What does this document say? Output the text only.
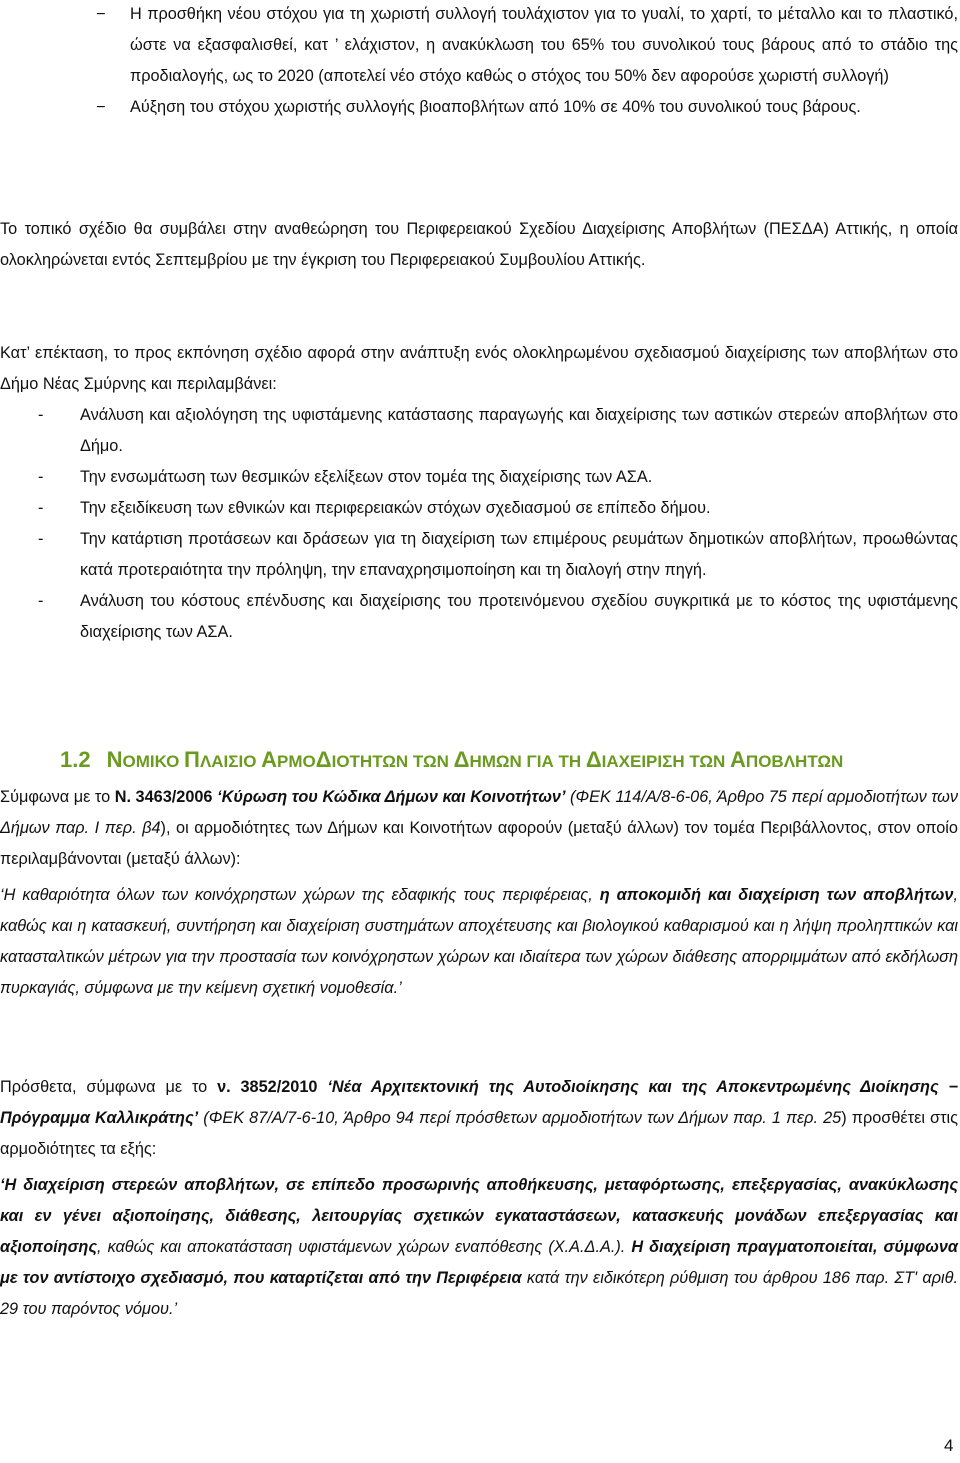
− Η προσθήκη νέου στόχου για τη χωριστή συλλογή τουλάχιστον για το γυαλί, το χαρτί, το μέταλλο και το πλαστικό, ώστε να εξασφαλισθεί, κατ ’ ελάχιστον, η ανακύκλωση του 65% του συνολικού τους βάρους από το στάδιο της προδιαλογής, ως το 2020 (αποτελεί νέο στόχο καθώς ο στόχος του 50% δεν αφορούσε χωριστή συλλογή)

− Αύξηση του στόχου χωριστής συλλογής βιοαποβλήτων από 10% σε 40% του συνολικού τους βάρους.

Το τοπικό σχέδιο θα συμβάλει στην αναθεώρηση του Περιφερειακού Σχεδίου Διαχείρισης Αποβλήτων (ΠΕΣΔΑ) Αττικής, η οποία ολοκληρώνεται εντός Σεπτεμβρίου με την έγκριση του Περιφερειακού Συμβουλίου Αττικής.

Κατ’ επέκταση, το προς εκπόνηση σχέδιο αφορά στην ανάπτυξη ενός ολοκληρωμένου σχεδιασμού διαχείρισης των αποβλήτων στο Δήμο Νέας Σμύρνης και περιλαμβάνει:

- Ανάλυση και αξιολόγηση της υφιστάμενης κατάστασης παραγωγής και διαχείρισης των αστικών στερεών αποβλήτων στο Δήμο.

- Την ενσωμάτωση των θεσμικών εξελίξεων στον τομέα της διαχείρισης των ΑΣΑ.

- Την εξειδίκευση των εθνικών και περιφερειακών στόχων σχεδιασμού σε επίπεδο δήμου.

- Την κατάρτιση προτάσεων και δράσεων για τη διαχείριση των επιμέρους ρευμάτων δημοτικών αποβλήτων, προωθώντας κατά προτεραιότητα την πρόληψη, την επαναχρησιμοποίηση και τη διαλογή στην πηγή.

- Ανάλυση του κόστους επένδυσης και διαχείρισης του προτεινόμενου σχεδίου συγκριτικά με το κόστος της υφιστάμενης διαχείρισης των ΑΣΑ.

1.2 ΝΟΜΙΚΟ ΠΛΑΙΣΙΟ ΑΡΜΟΔΙΟΤΗΤΩΝ ΤΩΝ ΔΗΜΩΝ ΓΙΑ ΤΗ ΔΙΑΧΕΙΡΙΣΗ ΤΩΝ ΑΠΟΒΛΗΤΩΝ

Σύμφωνα με το Ν. 3463/2006 ‘Κύρωση του Κώδικα Δήμων και Κοινοτήτων’ (ΦΕΚ 114/Α/8-6-06, Άρθρο 75 περί αρμοδιοτήτων των Δήμων παρ. Ι περ. β4), οι αρμοδιότητες των Δήμων και Κοινοτήτων αφορούν (μεταξύ άλλων) τον τομέα Περιβάλλοντος, στον οποίο περιλαμβάνονται (μεταξύ άλλων):

‘Η καθαριότητα όλων των κοινόχρηστων χώρων της εδαφικής τους περιφέρειας, η αποκομιδή και διαχείριση των αποβλήτων, καθώς και η κατασκευή, συντήρηση και διαχείριση συστημάτων αποχέτευσης και βιολογικού καθαρισμού και η λήψη προληπτικών και κατασταλτικών μέτρων για την προστασία των κοινόχρηστων χώρων και ιδιαίτερα των χώρων διάθεσης απορριμμάτων από εκδήλωση πυρκαγιάς, σύμφωνα με την κείμενη σχετική νομοθεσία.’

Πρόσθετα, σύμφωνα με το ν. 3852/2010 ‘Νέα Αρχιτεκτονική της Αυτοδιοίκησης και της Αποκεντρωμένης Διοίκησης − Πρόγραμμα Καλλικράτης’ (ΦΕΚ 87/Α/7-6-10, Άρθρο 94 περί πρόσθετων αρμοδιοτήτων των Δήμων παρ. 1 περ. 25) προσθέτει στις αρμοδιότητες τα εξής:

‘Η διαχείριση στερεών αποβλήτων, σε επίπεδο προσωρινής αποθήκευσης, μεταφόρτωσης, επεξεργασίας, ανακύκλωσης και εν γένει αξιοποίησης, διάθεσης, λειτουργίας σχετικών εγκαταστάσεων, κατασκευής μονάδων επεξεργασίας και αξιοποίησης, καθώς και αποκατάσταση υφιστάμενων χώρων εναπόθεσης (Χ.Α.Δ.Α.). Η διαχείριση πραγματοποιείται, σύμφωνα με τον αντίστοιχο σχεδιασμό, που καταρτίζεται από την Περιφέρεια κατά την ειδικότερη ρύθμιση του άρθρου 186 παρ. ΣΤ' αριθ. 29 του παρόντος νόμου.’

4
